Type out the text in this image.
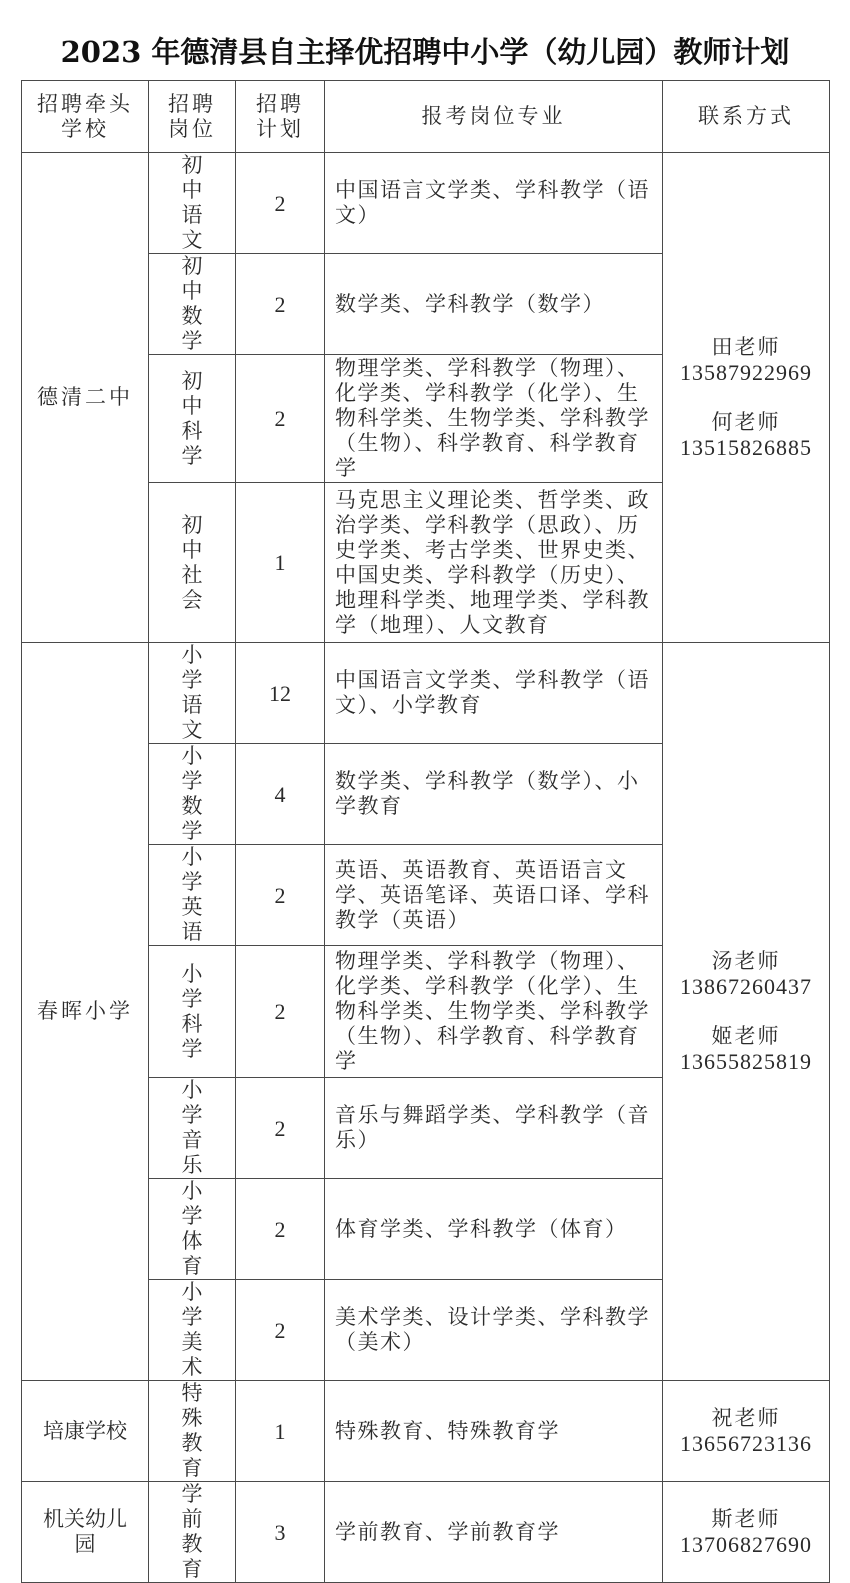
2023 年德清县自主择优招聘中小学（幼儿园）教师计划
招聘牵头学校	招聘岗位	招聘计划	报考岗位专业	联系方式
德清二中	初中语文	2	中国语言文学类、学科教学（语文）	田老师
13587922969
何老师
13515826885

	初中数学	2	数学类、学科教学（数学）	

	初中科学	2	物理学类、学科教学（物理）、化学类、学科教学（化学）、生物科学类、生物学类、学科教学（生物）、科学教育、科学教育学	

	初中社会	1	马克思主义理论类、哲学类、政治学类、学科教学（思政）、历史学类、考古学类、世界史类、中国史类、学科教学（历史）、地理科学类、地理学类、学科教学（地理）、人文教育	
春晖小学	小学语文	12	中国语言文学类、学科教学（语文）、小学教育	汤老师
13867260437
姬老师
13655825819

	小学数学	4	数学类、学科教学（数学）、小学教育	

	小学英语	2	英语、英语教育、英语语言文学、英语笔译、英语口译、学科教学（英语）	

	小学科学	2	物理学类、学科教学（物理）、化学类、学科教学（化学）、生物科学类、生物学类、学科教学（生物）、科学教育、科学教育学	

	小学音乐	2	音乐与舞蹈学类、学科教学（音乐）	

	小学体育	2	体育学类、学科教学（体育）	

	小学美术	2	美术学类、设计学类、学科教学（美术）	
培康学校	特殊教育	1	特殊教育、特殊教育学	祝老师
13656723136

机关幼儿园	学前教育	3	学前教育、学前教育学	斯老师
13706827690
